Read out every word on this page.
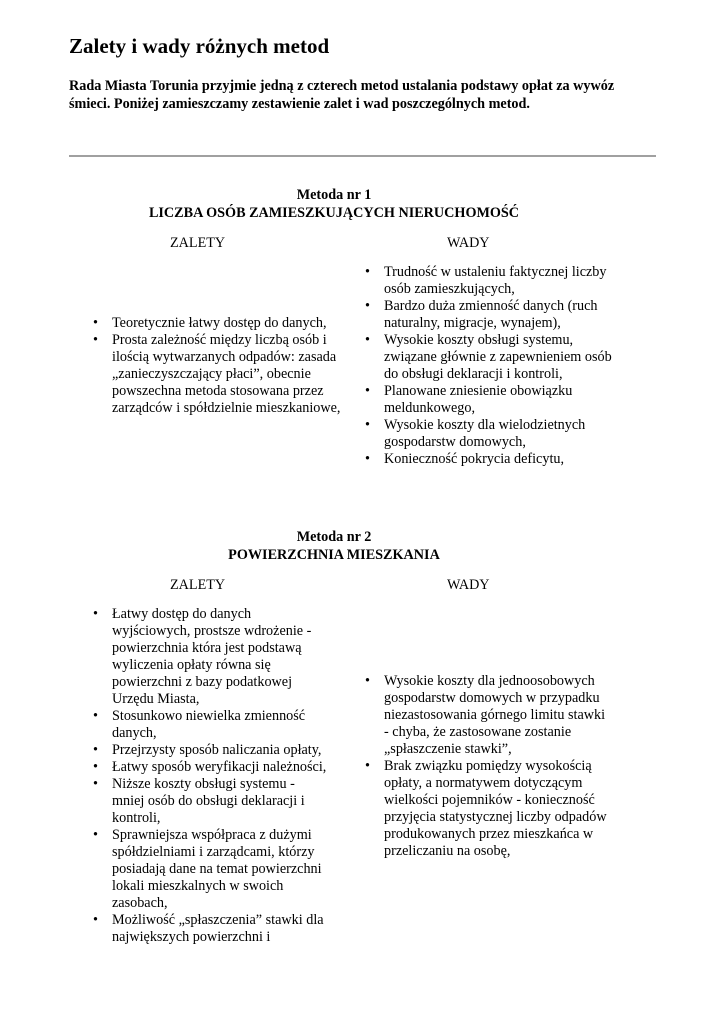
Zalety i wady różnych metod

Rada Miasta Torunia przyjmie jedną z czterech metod ustalania podstawy opłat za wywóz śmieci. Poniżej zamieszczamy zestawienie zalet i wad poszczególnych metod.

Metoda nr 1
LICZBA OSÓB ZAMIESZKUJĄCYCH NIERUCHOMOŚĆ
ZALETY	WADY
• Teoretycznie łatwy dostęp do danych,
• Prosta zależność między liczbą osób i ilością wytwarzanych odpadów: zasada „zanieczyszczający płaci”, obecnie powszechna metoda stosowana przez zarządców i spółdzielnie mieszkaniowe,
• Trudność w ustaleniu faktycznej liczby osób zamieszkujących,
• Bardzo duża zmienność danych (ruch naturalny, migracje, wynajem),
• Wysokie koszty obsługi systemu, związane głównie z zapewnieniem osób do obsługi deklaracji i kontroli,
• Planowane zniesienie obowiązku meldunkowego,
• Wysokie koszty dla wielodzietnych gospodarstw domowych,
• Konieczność pokrycia deficytu,
Metoda nr 2
POWIERZCHNIA MIESZKANIA
ZALETY	WADY
• Łatwy dostęp do danych wyjściowych, prostsze wdrożenie - powierzchnia która jest podstawą wyliczenia opłaty równa się powierzchni z bazy podatkowej Urzędu Miasta,
• Stosunkowo niewielka zmienność danych,
• Przejrzysty sposób naliczania opłaty,
• Łatwy sposób weryfikacji należności,
• Niższe koszty obsługi systemu - mniej osób do obsługi deklaracji i kontroli,
• Sprawniejsza współpraca z dużymi spółdzielniami i zarządcami, którzy posiadają dane na temat powierzchni lokali mieszkalnych w swoich zasobach,
• Możliwość „spłaszczenia” stawki dla największych powierzchni i
• Wysokie koszty dla jednoosobowych gospodarstw domowych w przypadku niezastosowania górnego limitu stawki - chyba, że zastosowane zostanie „spłaszczenie stawki”,
• Brak związku pomiędzy wysokością opłaty, a normatywem dotyczącym wielkości pojemników - konieczność przyjęcia statystycznej liczby odpadów produkowanych przez mieszkańca w przeliczaniu na osobę,
